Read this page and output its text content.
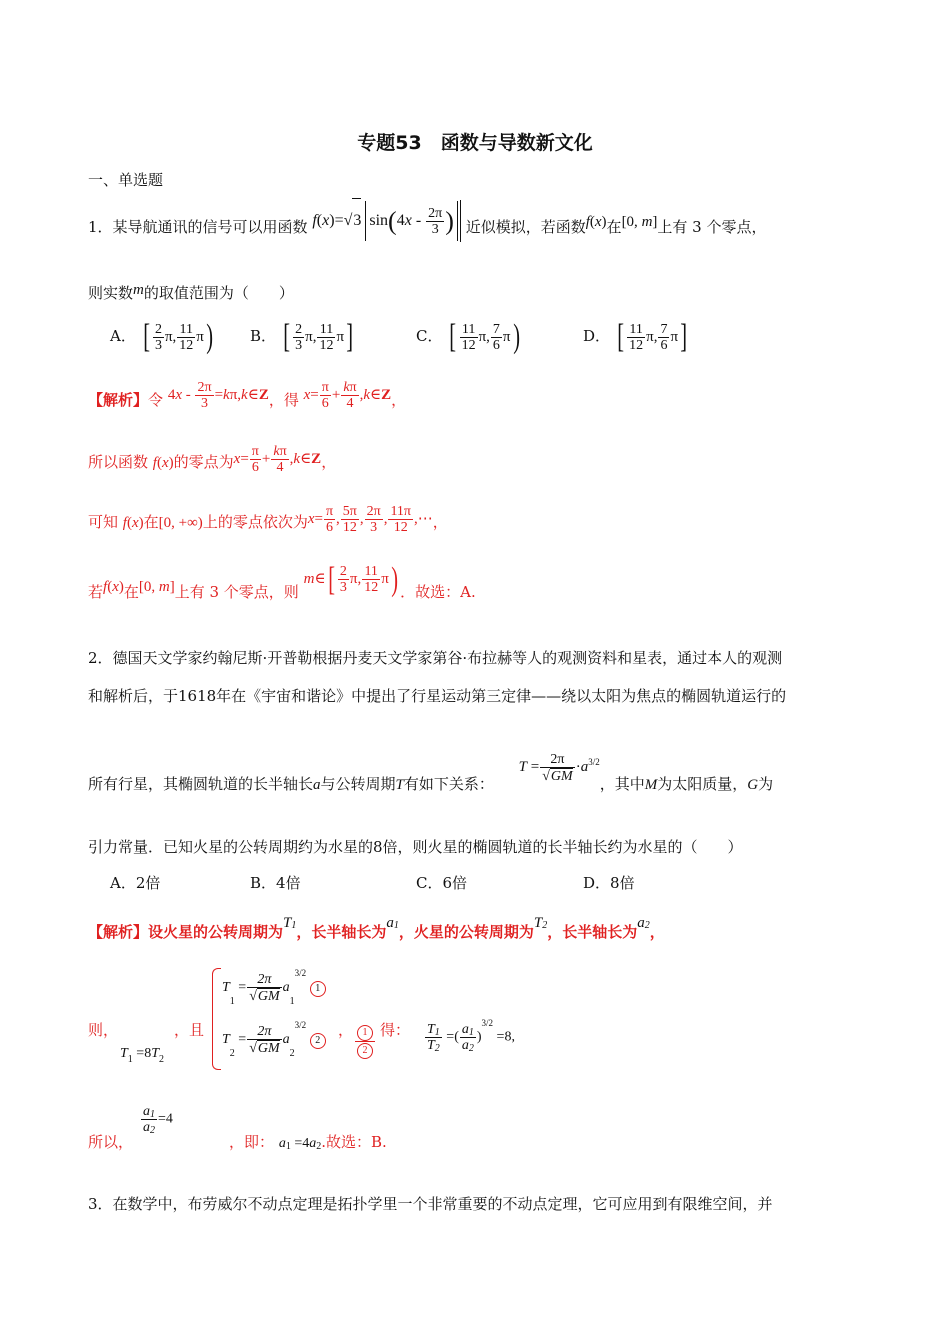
专题53　函数与导数新文化
一、单选题
1．某导航通讯的信号可以用函数 f(x)=√3 $\sin(4x - \frac{2\pi}{3}$ ) 近似模拟，若函数f(x)在[0, m]上有 3 个零点，
则实数m的取值范围为（　　）
A． [ $\frac{2}{3} \pi$, $\frac{11}{12} \pi$) B． [ $\frac{2}{3} \pi$, $\frac{11}{12} \pi$]	C． [ $\frac{11}{12} \pi$, $\frac{7}{6} \pi$)	D． [ $\frac{11}{12} \pi$, $\frac{7}{6} \pi$]
【解析】令 $4x - \frac{2\pi}{3}$ =kπ,k∈Z，得 $x= \frac{\pi}{6} + \frac{k\pi}{4}$ ,k∈Z，
所以函数 f(x)的零点为$x= \frac{\pi}{6} + \frac{k\pi}{4}$ ,k∈Z，
可知 f(x)在[0, +∞)上的零点依次为$x= \frac{\pi}{6}$ , $\frac{5\pi}{12}$ , $\frac{2\pi}{3}$ , $\frac{11\pi}{12}$ ,⋯，
若f(x)在[0, m]上有 3 个零点，则 m∈[ $\frac{2}{3} \pi$, $\frac{11}{12} \pi$) ．故选：A.
2．德国天文学家约翰尼斯·开普勒根据丹麦天文学家第谷·布拉赫等人的观测资料和星表，通过本人的观测
和解析后，于1618年在《宇宙和谐论》中提出了行星运动第三定律——绕以太阳为焦点的椭圆轨道运行的
所有行星，其椭圆轨道的长半轴长a与公转周期T有如下关系： $T = \frac{2\pi}{√GM} \cdot a^{3/2}$，其中M为太阳质量，G为
引力常量．已知火星的公转周期约为水星的8倍，则火星的椭圆轨道的长半轴长约为水星的（　　）
A．2倍	B．4倍	C．6倍	D．8倍
【解析】设火星的公转周期为$T_1$，长半轴长为$a_1$，火星的公转周期为$T_2$，长半轴长为$a_2$，
$T_1 = \frac{2\pi}{√GM} a_1^{3/2}$ 1
$T_2 = \frac{2\pi}{√GM} a_2^{3/2}$ 2
$T_1 =8T_2$
则，	，且	， $\frac{1}{2}$ 得： $\frac{T_1}{T_2}$ =( $\frac{a_1}{a_2} )^{3/2} =8$,
$\frac{a_1}{a_2} =4$
所以，	，即： $a_1 =4a_2$.故选：B.
3．在数学中，布劳威尔不动点定理是拓扑学里一个非常重要的不动点定理，它可应用到有限维空间，并
